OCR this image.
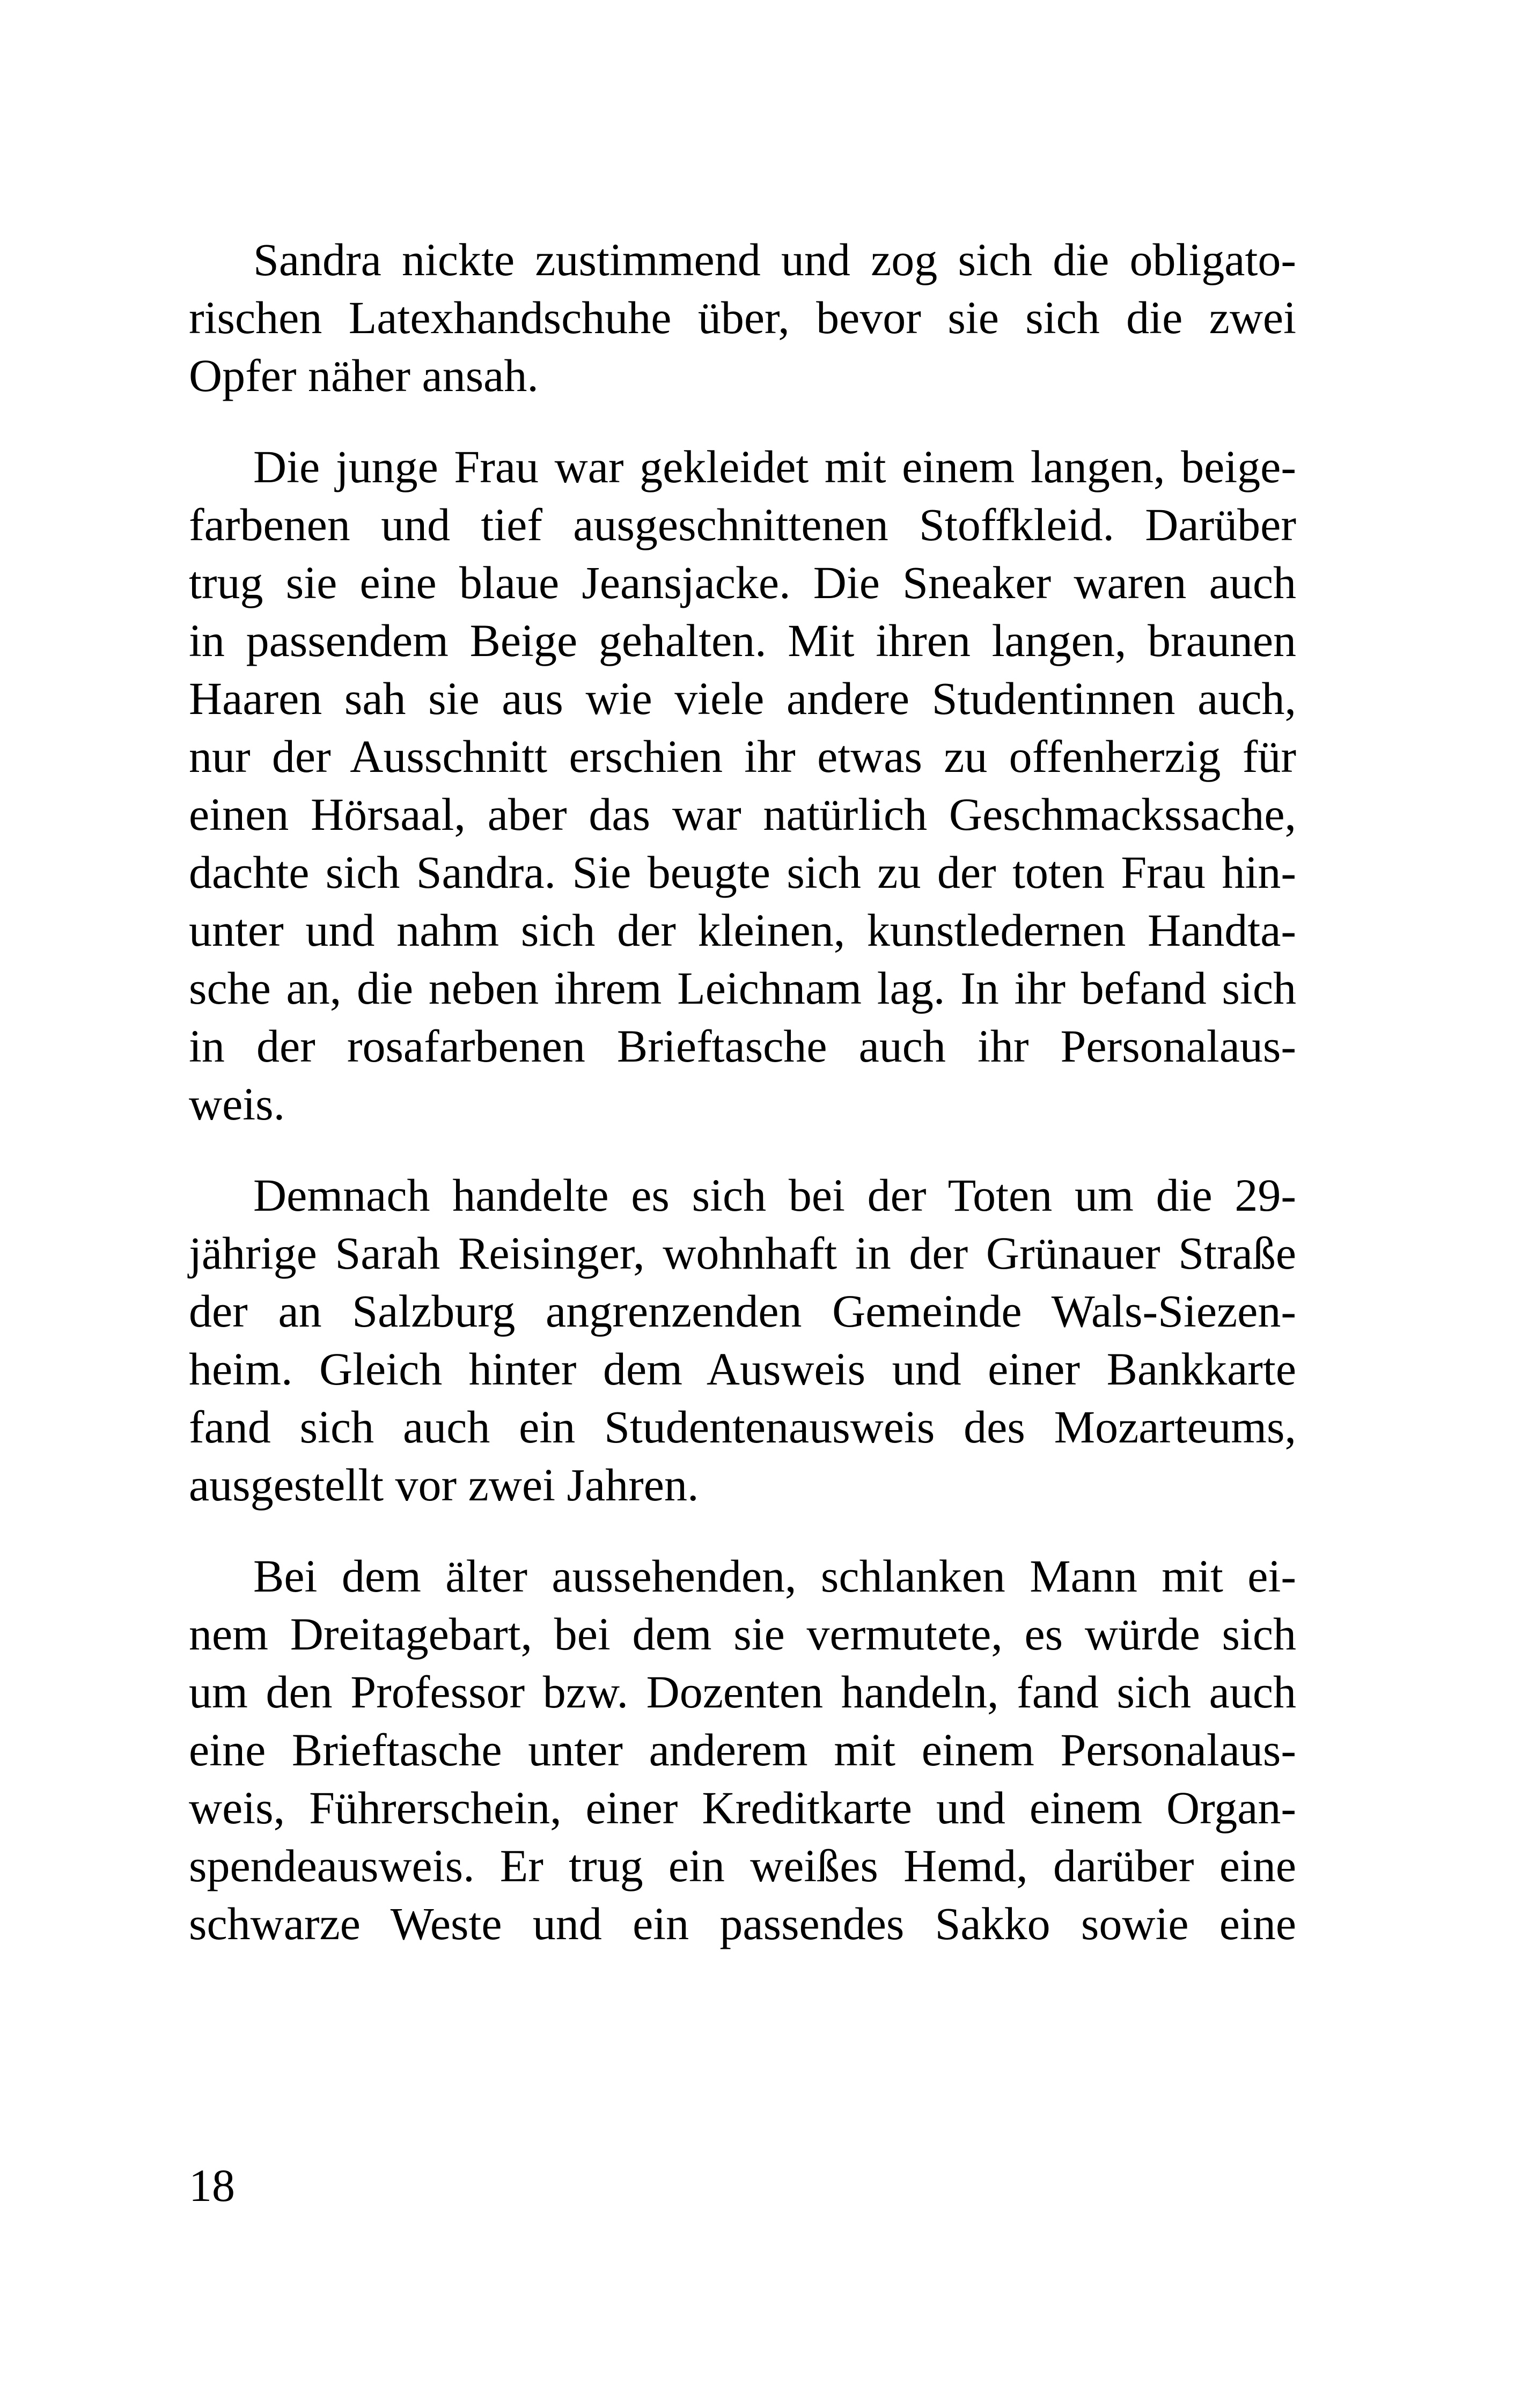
Sandra nickte zustimmend und zog sich die obligato-
rischen Latexhandschuhe über, bevor sie sich die zwei
Opfer näher ansah.
Die junge Frau war gekleidet mit einem langen, beige-
farbenen und tief ausgeschnittenen Stoffkleid. Darüber
trug sie eine blaue Jeansjacke. Die Sneaker waren auch
in passendem Beige gehalten. Mit ihren langen, braunen
Haaren sah sie aus wie viele andere Studentinnen auch,
nur der Ausschnitt erschien ihr etwas zu offenherzig für
einen Hörsaal, aber das war natürlich Geschmackssache,
dachte sich Sandra. Sie beugte sich zu der toten Frau hin-
unter und nahm sich der kleinen, kunstledernen Handta-
sche an, die neben ihrem Leichnam lag. In ihr befand sich
in der rosafarbenen Brieftasche auch ihr Personalaus-
weis.
Demnach handelte es sich bei der Toten um die 29-
jährige Sarah Reisinger, wohnhaft in der Grünauer Straße
der an Salzburg angrenzenden Gemeinde Wals-Siezen-
heim. Gleich hinter dem Ausweis und einer Bankkarte
fand sich auch ein Studentenausweis des Mozarteums,
ausgestellt vor zwei Jahren.
Bei dem älter aussehenden, schlanken Mann mit ei-
nem Dreitagebart, bei dem sie vermutete, es würde sich
um den Professor bzw. Dozenten handeln, fand sich auch
eine Brieftasche unter anderem mit einem Personalaus-
weis, Führerschein, einer Kreditkarte und einem Organ-
spendeausweis. Er trug ein weißes Hemd, darüber eine
schwarze Weste und ein passendes Sakko sowie eine
18
